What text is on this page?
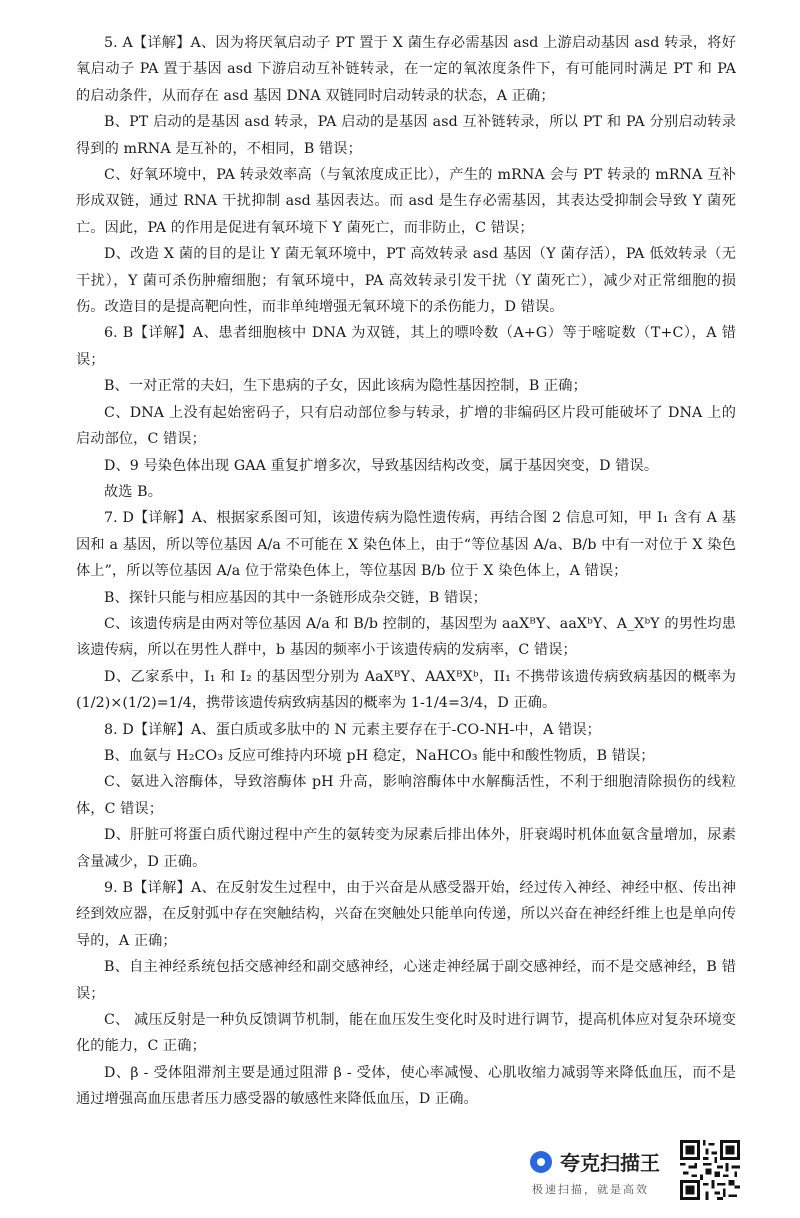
5. A【详解】A、因为将厌氧启动子 PT 置于 X 菌生存必需基因 asd 上游启动基因 asd 转录，将好氧启动子 PA 置于基因 asd 下游启动互补链转录，在一定的氧浓度条件下，有可能同时满足 PT 和 PA 的启动条件，从而存在 asd 基因 DNA 双链同时启动转录的状态，A 正确；

B、PT 启动的是基因 asd 转录，PA 启动的是基因 asd 互补链转录，所以 PT 和 PA 分别启动转录得到的 mRNA 是互补的，不相同，B 错误；

C、好氧环境中，PA 转录效率高（与氧浓度成正比），产生的 mRNA 会与 PT 转录的 mRNA 互补形成双链，通过 RNA 干扰抑制 asd 基因表达。而 asd 是生存必需基因，其表达受抑制会导致 Y 菌死亡。因此，PA 的作用是促进有氧环境下 Y 菌死亡，而非防止，C 错误；

D、改造 X 菌的目的是让 Y 菌无氧环境中，PT 高效转录 asd 基因（Y 菌存活），PA 低效转录（无干扰），Y 菌可杀伤肿瘤细胞；有氧环境中，PA 高效转录引发干扰（Y 菌死亡），减少对正常细胞的损伤。改造目的是提高靶向性，而非单纯增强无氧环境下的杀伤能力，D 错误。

6. B【详解】A、患者细胞核中 DNA 为双链，其上的嘌呤数（A+G）等于嘧啶数（T+C），A 错误；

B、一对正常的夫妇，生下患病的子女，因此该病为隐性基因控制，B 正确；

C、DNA 上没有起始密码子，只有启动部位参与转录，扩增的非编码区片段可能破坏了 DNA 上的启动部位，C 错误；

D、9 号染色体出现 GAA 重复扩增多次，导致基因结构改变，属于基因突变，D 错误。

故选 B。

7. D【详解】A、根据家系图可知，该遗传病为隐性遗传病，再结合图 2 信息可知，甲 I₁ 含有 A 基因和 a 基因，所以等位基因 A/a 不可能在 X 染色体上，由于“等位基因 A/a、B/b 中有一对位于 X 染色体上”，所以等位基因 A/a 位于常染色体上，等位基因 B/b 位于 X 染色体上，A 错误；

B、探针只能与相应基因的其中一条链形成杂交链，B 错误；

C、该遗传病是由两对等位基因 A/a 和 B/b 控制的，基因型为 aaXᴮY、aaXᵇY、A_XᵇY 的男性均患该遗传病，所以在男性人群中，b 基因的频率小于该遗传病的发病率，C 错误；

D、乙家系中，I₁ 和 I₂ 的基因型分别为 AaXᴮY、AAXᴮXᵇ，II₁ 不携带该遗传病致病基因的概率为 (1/2)×(1/2)=1/4，携带该遗传病致病基因的概率为 1-1/4=3/4，D 正确。

8. D【详解】A、蛋白质或多肽中的 N 元素主要存在于-CO-NH-中，A 错误；

B、血氨与 H₂CO₃ 反应可维持内环境 pH 稳定，NaHCO₃ 能中和酸性物质，B 错误；

C、氨进入溶酶体，导致溶酶体 pH 升高，影响溶酶体中水解酶活性，不利于细胞清除损伤的线粒体，C 错误；

D、肝脏可将蛋白质代谢过程中产生的氨转变为尿素后排出体外，肝衰竭时机体血氨含量增加，尿素含量减少，D 正确。

9. B【详解】A、在反射发生过程中，由于兴奋是从感受器开始，经过传入神经、神经中枢、传出神经到效应器，在反射弧中存在突触结构，兴奋在突触处只能单向传递，所以兴奋在神经纤维上也是单向传导的，A 正确；

B、自主神经系统包括交感神经和副交感神经，心迷走神经属于副交感神经，而不是交感神经，B 错误；

C、 减压反射是一种负反馈调节机制，能在血压发生变化时及时进行调节，提高机体应对复杂环境变化的能力，C 正确；

D、β - 受体阻滞剂主要是通过阻滞 β - 受体，使心率减慢、心肌收缩力减弱等来降低血压，而不是通过增强高血压患者压力感受器的敏感性来降低血压，D 正确。

夸克扫描王
极速扫描，就是高效
